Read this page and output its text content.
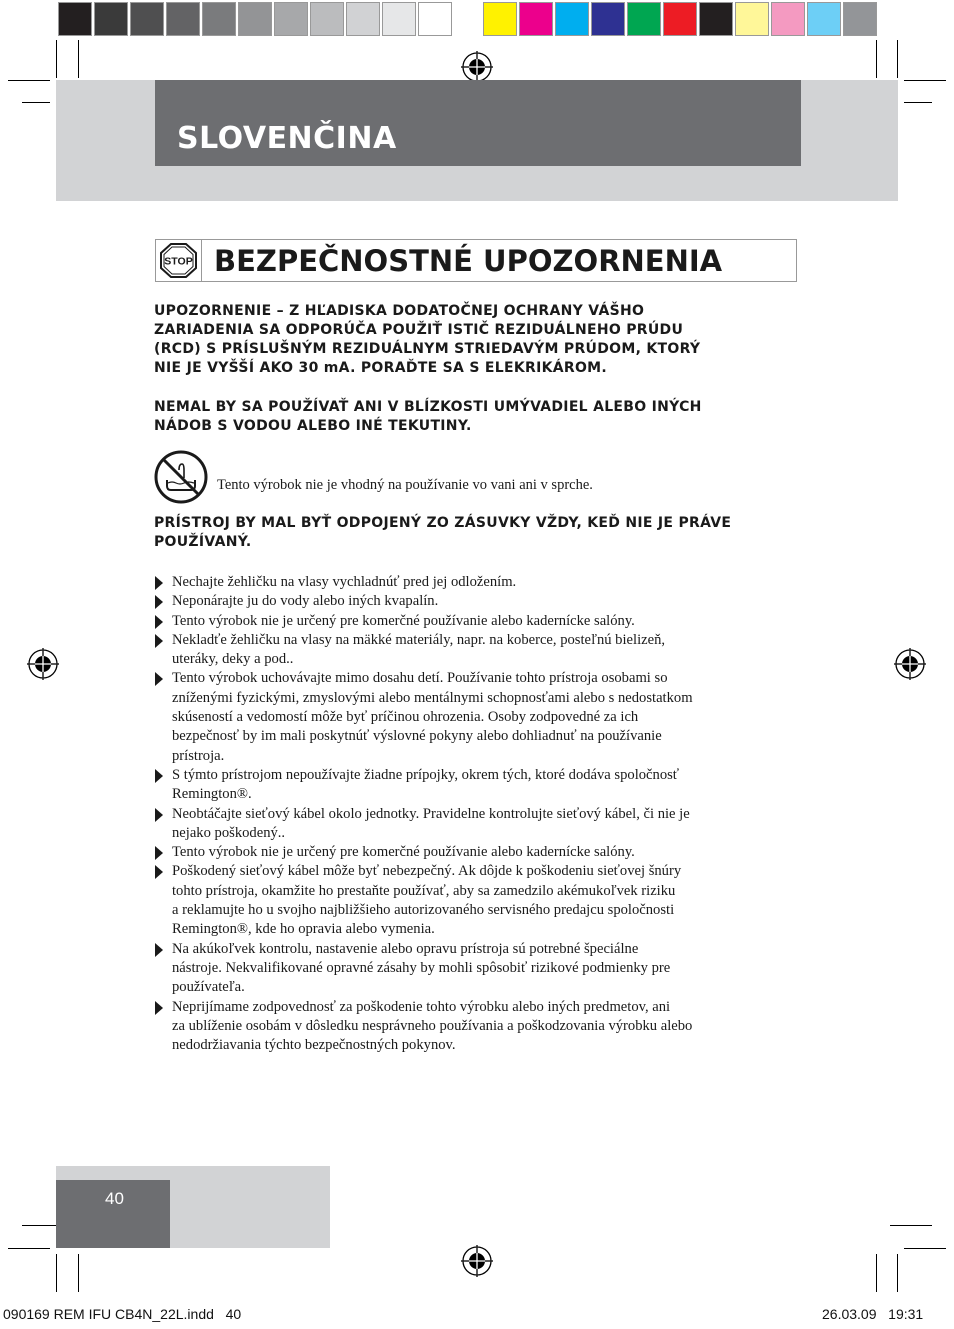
SLOVENČINA
STOP BEZPEČNOSTNÉ UPOZORNENIA
UPOZORNENIE – Z HĽADISKA DODATOČNEJ OCHRANY VÁŠHO
ZARIADENIA SA ODPORÚČA POUŽIŤ ISTIČ REZIDUÁLNEHO PRÚDU
(RCD) S PRÍSLUŠNÝM REZIDUÁLNYM STRIEDAVÝM PRÚDOM, KTORÝ
NIE JE VYŠŠÍ AKO 30 mA. PORAĎTE SA S ELEKRIKÁROM.
NEMAL BY SA POUŽÍVAŤ ANI V BLÍZKOSTI UMÝVADIEL ALEBO INÝCH
NÁDOB S VODOU ALEBO INÉ TEKUTINY.
Tento výrobok nie je vhodný na používanie vo vani ani v sprche.
PRÍSTROJ BY MAL BYŤ ODPOJENÝ ZO ZÁSUVKY VŽDY, KEĎ NIE JE PRÁVE
POUŽÍVANÝ.
Nechajte žehličku na vlasy vychladnúť pred jej odložením.
Neponárajte ju do vody alebo iných kvapalín.
Tento výrobok nie je určený pre komerčné používanie alebo kadernícke salóny.
Nekladťe žehličku na vlasy na mäkké materiály, napr. na koberce, posteľnú bielizeň,
uteráky, deky a pod..
Tento výrobok uchovávajte mimo dosahu detí. Používanie tohto prístroja osobami so
zníženými fyzickými, zmyslovými alebo mentálnymi schopnosťami alebo s nedostatkom
skúseností a vedomostí môže byť príčinou ohrozenia. Osoby zodpovedné za ich
bezpečnosť by im mali poskytnúť výslovné pokyny alebo dohliadnuť na používanie
prístroja.
S týmto prístrojom nepoužívajte žiadne prípojky, okrem tých, ktoré dodáva spoločnosť
Remington®.
Neobtáčajte sieťový kábel okolo jednotky. Pravidelne kontrolujte sieťový kábel, či nie je
nejako poškodený..
Tento výrobok nie je určený pre komerčné používanie alebo kadernícke salóny.
Poškodený sieťový kábel môže byť nebezpečný. Ak dôjde k poškodeniu sieťovej šnúry
tohto prístroja, okamžite ho prestaňte používať, aby sa zamedzilo akémukoľvek riziku
a reklamujte ho u svojho najbližšieho autorizovaného servisného predajcu spoločnosti
Remington®, kde ho opravia alebo vymenia.
Na akúkoľvek kontrolu, nastavenie alebo opravu prístroja sú potrebné špeciálne
nástroje. Nekvalifikované opravné zásahy by mohli spôsobiť rizikové podmienky pre
používateľa.
Neprijímame zodpovednosť za poškodenie tohto výrobku alebo iných predmetov, ani
za ublíženie osobám v dôsledku nesprávneho používania a poškodzovania výrobku alebo
nedodržiavania týchto bezpečnostných pokynov.
40
090169 REM IFU CB4N_22L.indd   40	26.03.09   19:31
